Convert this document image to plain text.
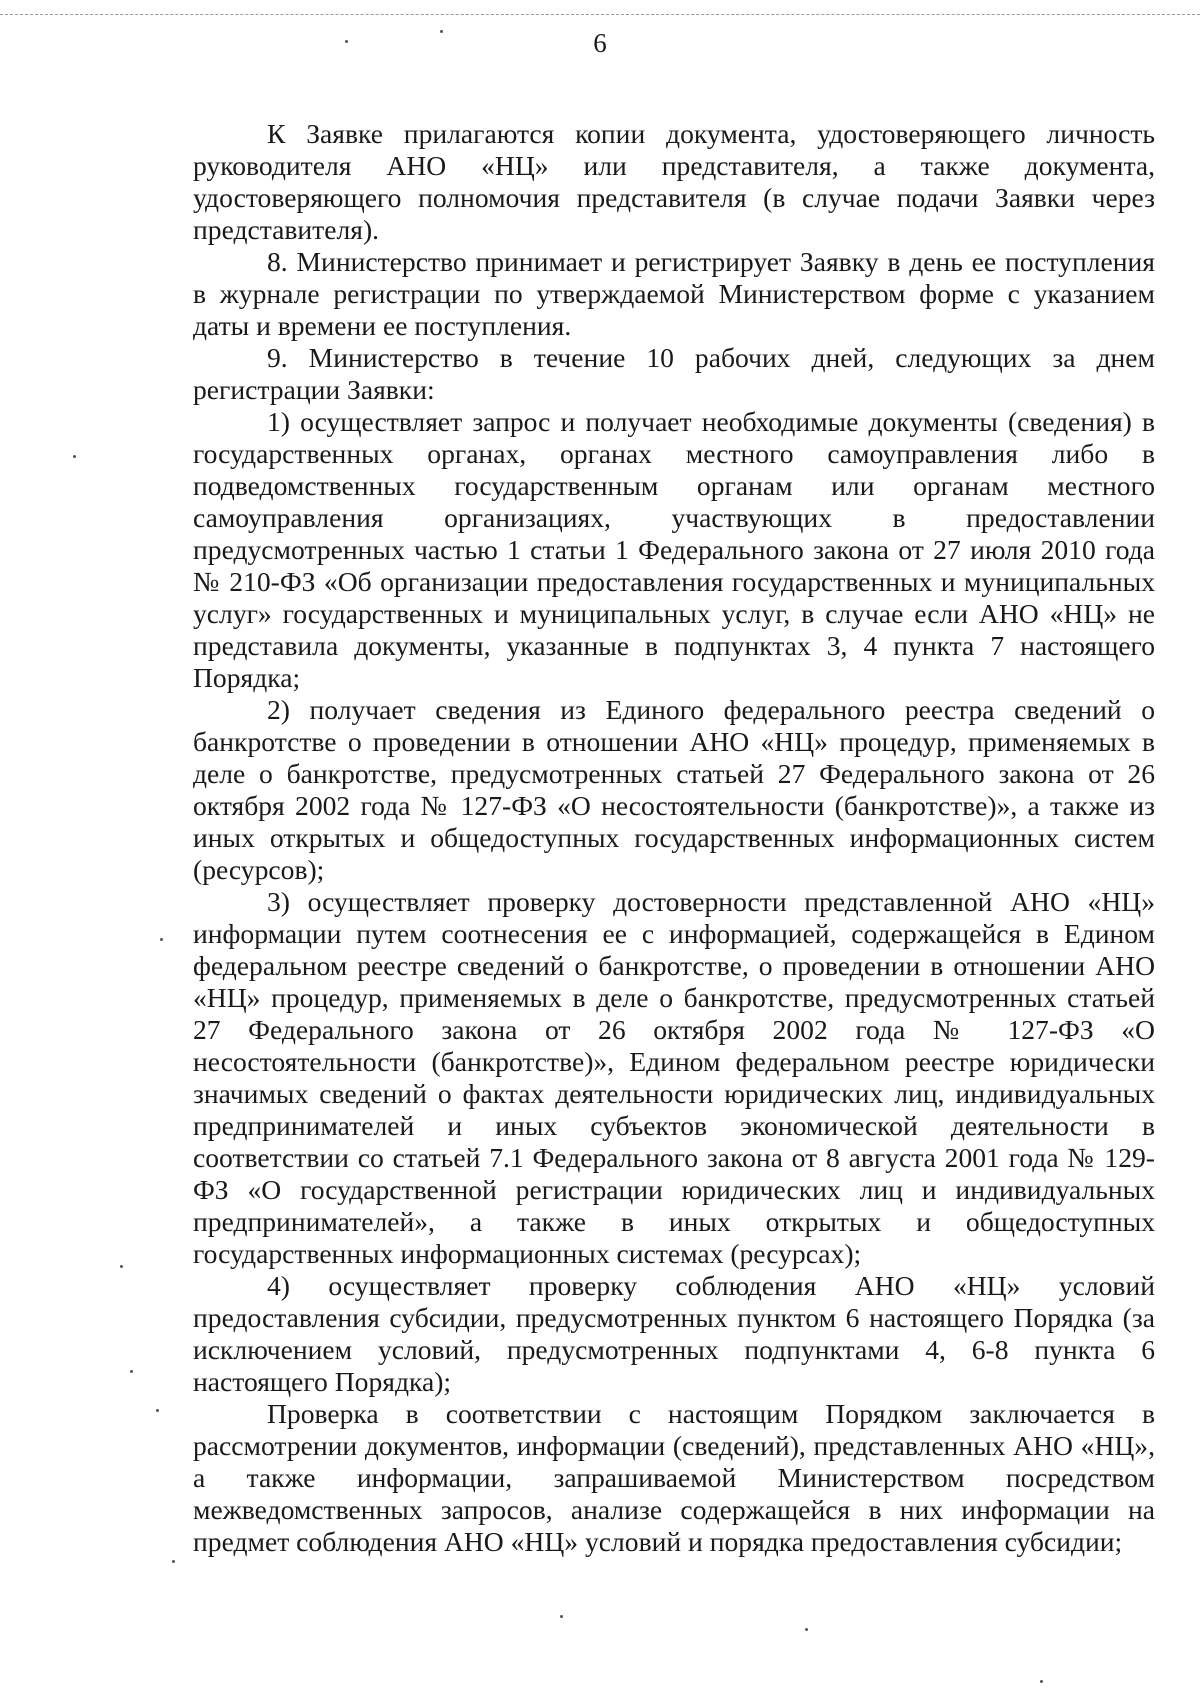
6

К Заявке прилагаются копии документа, удостоверяющего личность руководителя АНО «НЦ» или представителя, а также документа, удостоверяющего полномочия представителя (в случае подачи Заявки через представителя).

8. Министерство принимает и регистрирует Заявку в день ее поступления в журнале регистрации по утверждаемой Министерством форме с указанием даты и времени ее поступления.

9. Министерство в течение 10 рабочих дней, следующих за днем регистрации Заявки:

1) осуществляет запрос и получает необходимые документы (сведения) в государственных органах, органах местного самоуправления либо в подведомственных государственным органам или органам местного самоуправления организациях, участвующих в предоставлении предусмотренных частью 1 статьи 1 Федерального закона от 27 июля 2010 года № 210-ФЗ «Об организации предоставления государственных и муниципальных услуг» государственных и муниципальных услуг, в случае если АНО «НЦ» не представила документы, указанные в подпунктах 3, 4 пункта 7 настоящего Порядка;

2) получает сведения из Единого федерального реестра сведений о банкротстве о проведении в отношении АНО «НЦ» процедур, применяемых в деле о банкротстве, предусмотренных статьей 27 Федерального закона от 26 октября 2002 года № 127-ФЗ «О несостоятельности (банкротстве)», а также из иных открытых и общедоступных государственных информационных систем (ресурсов);

3) осуществляет проверку достоверности представленной АНО «НЦ» информации путем соотнесения ее с информацией, содержащейся в Едином федеральном реестре сведений о банкротстве, о проведении в отношении АНО «НЦ» процедур, применяемых в деле о банкротстве, предусмотренных статьей 27 Федерального закона от 26 октября 2002 года № 127-ФЗ «О несостоятельности (банкротстве)», Едином федеральном реестре юридически значимых сведений о фактах деятельности юридических лиц, индивидуальных предпринимателей и иных субъектов экономической деятельности в соответствии со статьей 7.1 Федерального закона от 8 августа 2001 года № 129-ФЗ «О государственной регистрации юридических лиц и индивидуальных предпринимателей», а также в иных открытых и общедоступных государственных информационных системах (ресурсах);

4) осуществляет проверку соблюдения АНО «НЦ» условий предоставления субсидии, предусмотренных пунктом 6 настоящего Порядка (за исключением условий, предусмотренных подпунктами 4, 6-8 пункта 6 настоящего Порядка);

Проверка в соответствии с настоящим Порядком заключается в рассмотрении документов, информации (сведений), представленных АНО «НЦ», а также информации, запрашиваемой Министерством посредством межведомственных запросов, анализе содержащейся в них информации на предмет соблюдения АНО «НЦ» условий и порядка предоставления субсидии;
